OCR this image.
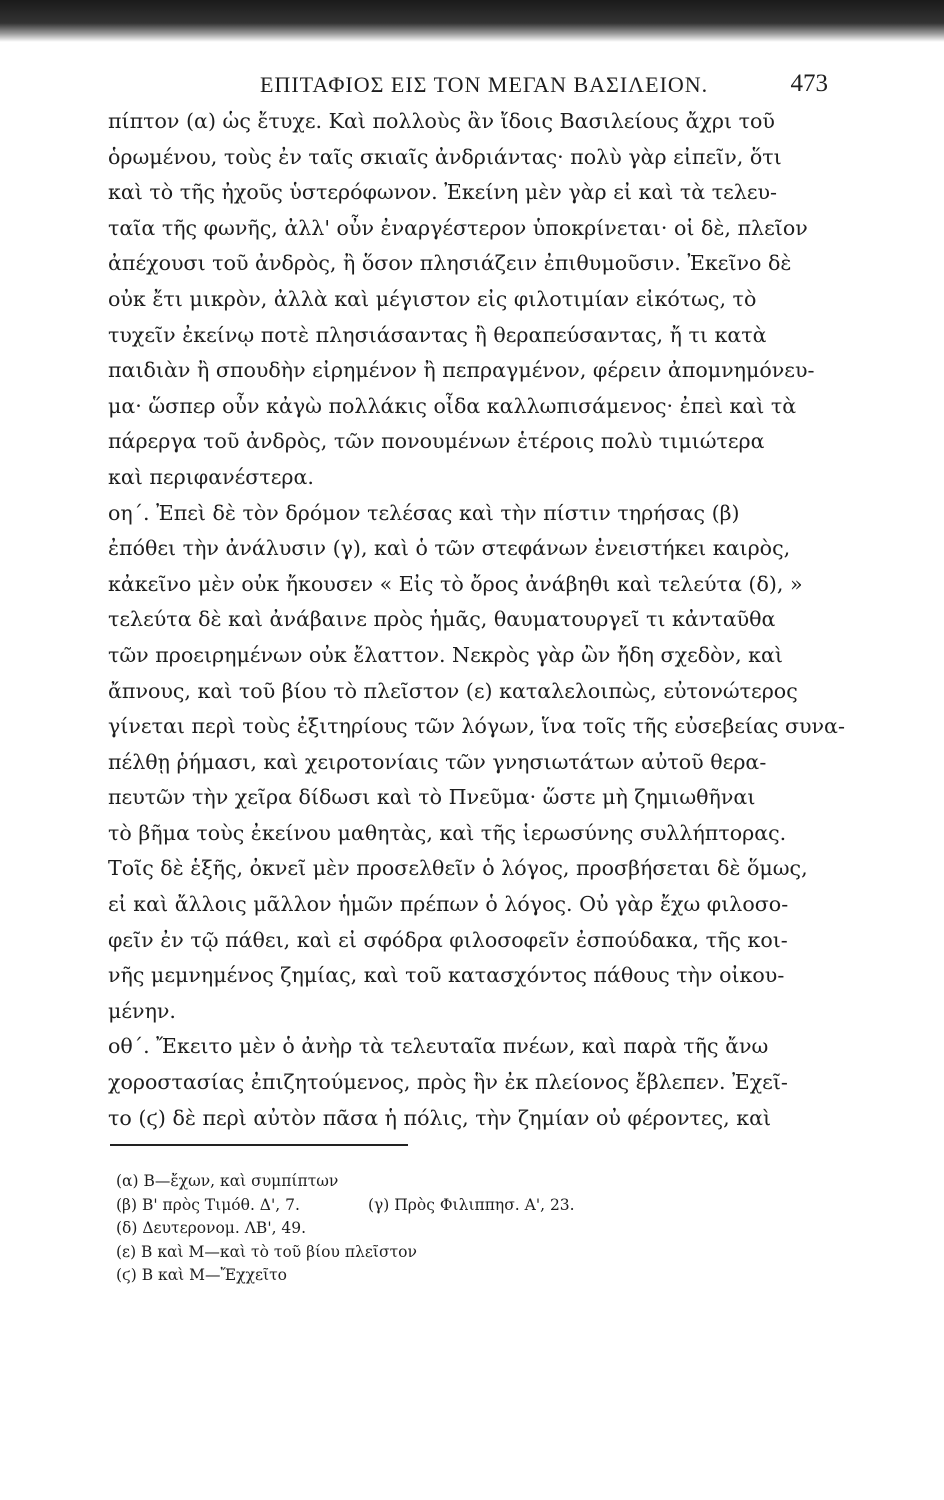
ΕΠΙΤΑΦΙΟΣ ΕΙΣ ΤΟΝ ΜΕΓΑΝ ΒΑΣΙΛΕΙΟΝ.	473
πίπτον (α) ὡς ἔτυχε. Καὶ πολλοὺς ἂν ἴδοις Βασιλείους ἄχρι τοῦ
ὁρωμένου, τοὺς ἐν ταῖς σκιαῖς ἀνδριάντας· πολὺ γὰρ εἰπεῖν, ὅτι
καὶ τὸ τῆς ἠχοῦς ὑστερόφωνον. Ἐκείνη μὲν γὰρ εἰ καὶ τὰ τελευ-
ταῖα τῆς φωνῆς, ἀλλ' οὖν ἐναργέστερον ὑποκρίνεται· οἱ δὲ, πλεῖον
ἀπέχουσι τοῦ ἀνδρὸς, ἢ ὅσον πλησιάζειν ἐπιθυμοῦσιν. Ἐκεῖνο δὲ
οὐκ ἔτι μικρὸν, ἀλλὰ καὶ μέγιστον εἰς φιλοτιμίαν εἰκότως, τὸ
τυχεῖν ἐκείνῳ ποτὲ πλησιάσαντας ἢ θεραπεύσαντας, ἤ τι κατὰ
παιδιὰν ἢ σπουδὴν εἰρημένον ἢ πεπραγμένον, φέρειν ἀπομνημόνευ-
μα· ὥσπερ οὖν κἀγὼ πολλάκις οἶδα καλλωπισάμενος· ἐπεὶ καὶ τὰ
πάρεργα τοῦ ἀνδρὸς, τῶν πονουμένων ἑτέροις πολὺ τιμιώτερα
καὶ περιφανέστερα.
οη΄. Ἐπεὶ δὲ τὸν δρόμον τελέσας καὶ τὴν πίστιν τηρήσας (β)
ἐπόθει τὴν ἀνάλυσιν (γ), καὶ ὁ τῶν στεφάνων ἐνειστήκει καιρὸς,
κἀκεῖνο μὲν οὐκ ἤκουσεν « Εἰς τὸ ὄρος ἀνάβηθι καὶ τελεύτα (δ), »
τελεύτα δὲ καὶ ἀνάβαινε πρὸς ἡμᾶς, θαυματουργεῖ τι κἀνταῦθα
τῶν προειρημένων οὐκ ἔλαττον. Νεκρὸς γὰρ ὢν ἤδη σχεδὸν, καὶ
ἄπνους, καὶ τοῦ βίου τὸ πλεῖστον (ε) καταλελοιπὼς, εὐτονώτερος
γίνεται περὶ τοὺς ἐξιτηρίους τῶν λόγων, ἵνα τοῖς τῆς εὐσεβείας συνα-
πέλθῃ ῥήμασι, καὶ χειροτονίαις τῶν γνησιωτάτων αὐτοῦ θερα-
πευτῶν τὴν χεῖρα δίδωσι καὶ τὸ Πνεῦμα· ὥστε μὴ ζημιωθῆναι
τὸ βῆμα τοὺς ἐκείνου μαθητὰς, καὶ τῆς ἱερωσύνης συλλήπτορας.
Τοῖς δὲ ἑξῆς, ὀκνεῖ μὲν προσελθεῖν ὁ λόγος, προσβήσεται δὲ ὅμως,
εἰ καὶ ἄλλοις μᾶλλον ἡμῶν πρέπων ὁ λόγος. Οὐ γὰρ ἔχω φιλοσο-
φεῖν ἐν τῷ πάθει, καὶ εἰ σφόδρα φιλοσοφεῖν ἐσπούδακα, τῆς κοι-
νῆς μεμνημένος ζημίας, καὶ τοῦ κατασχόντος πάθους τὴν οἰκου-
μένην.
οθ΄. Ἔκειτο μὲν ὁ ἀνὴρ τὰ τελευταῖα πνέων, καὶ παρὰ τῆς ἄνω
χοροστασίας ἐπιζητούμενος, πρὸς ἣν ἐκ πλείονος ἔβλεπεν. Ἐχεῖ-
το (ϛ) δὲ περὶ αὐτὸν πᾶσα ἡ πόλις, τὴν ζημίαν οὐ φέροντες, καὶ
(α) Β—ἔχων, καὶ συμπίπτων
(β) Β' πρὸς Τιμόθ. Δ', 7.	(γ) Πρὸς Φιλιππησ. Α', 23.
(δ) Δευτερονομ. ΛΒ', 49.
(ε) Β καὶ Μ—καὶ τὸ τοῦ βίου πλεῖστον
(ϛ) Β καὶ Μ—Ἔχχεῖτο
